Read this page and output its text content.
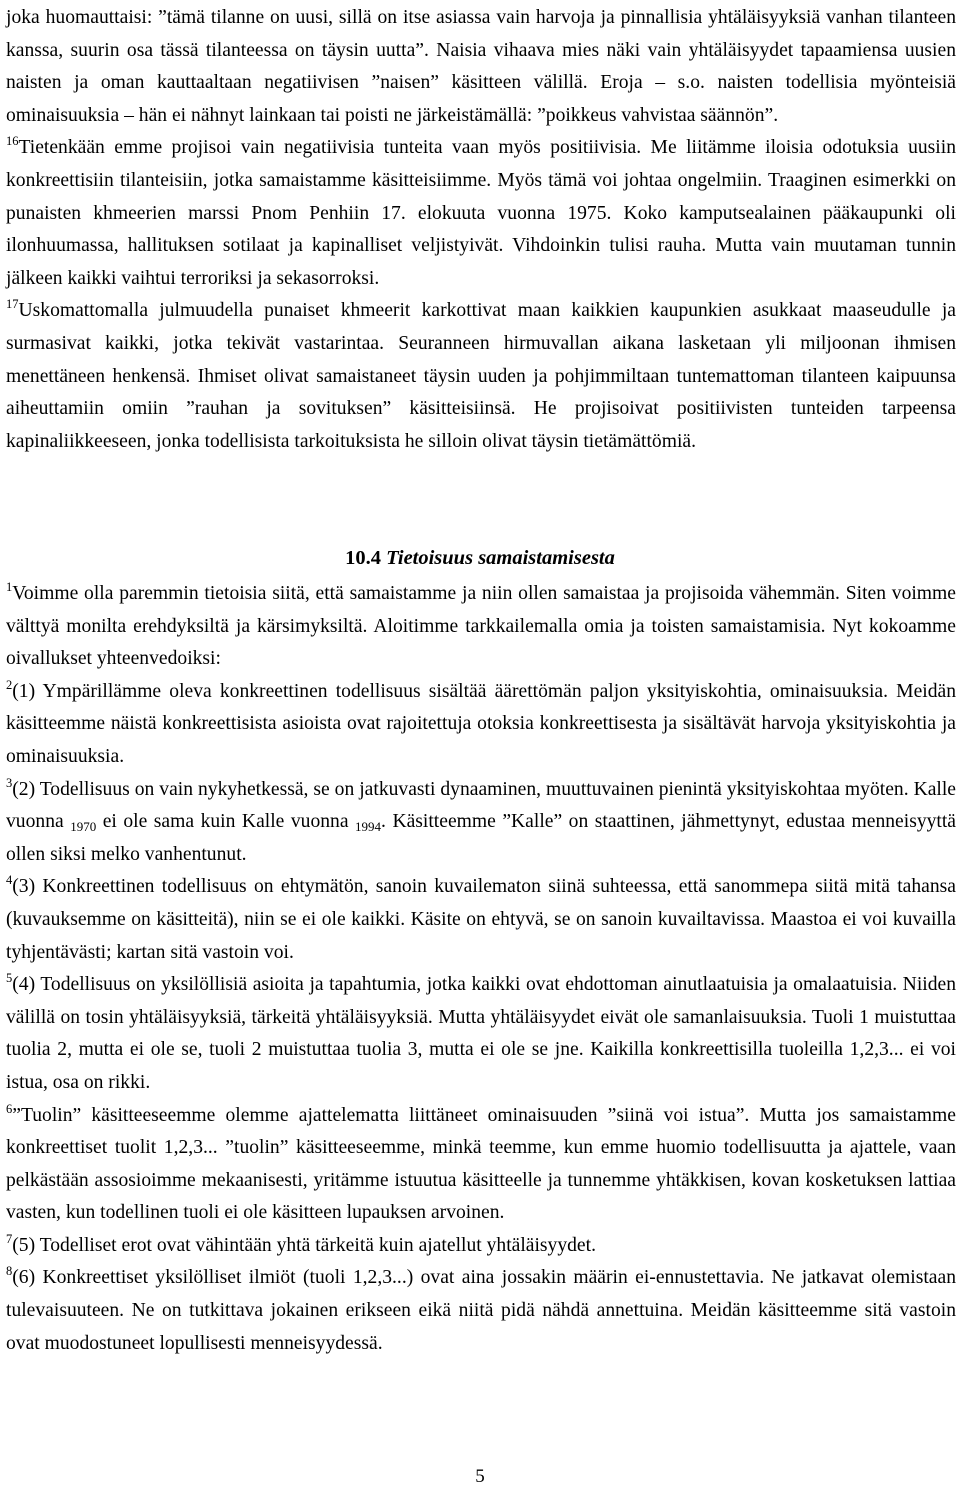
joka huomauttaisi: ”tämä tilanne on uusi, sillä on itse asiassa vain harvoja ja pinnallisia yhtäläisyyksiä vanhan tilanteen kanssa, suurin osa tässä tilanteessa on täysin uutta”. Naisia vihaava mies näki vain yhtäläisyydet tapaamiensa uusien naisten ja oman kauttaaltaan negatiivisen ”naisen” käsitteen välillä. Eroja – s.o. naisten todellisia myönteisiä ominaisuuksia – hän ei nähnyt lainkaan tai poisti ne järkeistämällä: ”poikkeus vahvistaa säännön”.

$^{16}$Tietenkään emme projisoi vain negatiivisia tunteita vaan myös positiivisia. Me liitämme iloisia odotuksia uusiin konkreettisiin tilanteisiin, jotka samaistamme käsitteisiimme. Myös tämä voi johtaa ongelmiin. Traaginen esimerkki on punaisten khmeerien marssi Pnom Penhiin 17. elokuuta vuonna 1975. Koko kamputsealainen pääkaupunki oli ilonhuumassa, hallituksen sotilaat ja kapinalliset veljistyivät. Vihdoinkin tulisi rauha. Mutta vain muutaman tunnin jälkeen kaikki vaihtui terroriksi ja sekasorroksi.

$^{17}$Uskomattomalla julmuudella punaiset khmeerit karkottivat maan kaikkien kaupunkien asukkaat maaseudulle ja surmasivat kaikki, jotka tekivät vastarintaa. Seuranneen hirmuvallan aikana lasketaan yli miljoonan ihmisen menettäneen henkensä. Ihmiset olivat samaistaneet täysin uuden ja pohjimmiltaan tuntemattoman tilanteen kaipuunsa aiheuttamiin omiin ”rauhan ja sovituksen” käsitteisiinsä. He projisoivat positiivisten tunteiden tarpeensa kapinaliikkeeseen, jonka todellisista tarkoituksista he silloin olivat täysin tietämättömiä.

10.4 Tietoisuus samaistamisesta

$^1$Voimme olla paremmin tietoisia siitä, että samaistamme ja niin ollen samaistaa ja projisoida vähemmän. Siten voimme välttyä monilta erehdyksiltä ja kärsimyksiltä. Aloitimme tarkkailemalla omia ja toisten samaistamisia. Nyt kokoamme oivallukset yhteenvedoiksi:

$^2$(1) Ympärillämme oleva konkreettinen todellisuus sisältää äärettömän paljon yksityiskohtia, ominaisuuksia. Meidän käsitteemme näistä konkreettisista asioista ovat rajoitettuja otoksia konkreettisesta ja sisältävät harvoja yksityiskohtia ja ominaisuuksia.

$^3$(2) Todellisuus on vain nykyhetkessä, se on jatkuvasti dynaaminen, muuttuvainen pienintä yksityiskohtaa myöten. Kalle vuonna $_{1970}$ ei ole sama kuin Kalle vuonna $_{1994}$. Käsitteemme ”Kalle” on staattinen, jähmettynyt, edustaa menneisyyttä ollen siksi melko vanhentunut.

$^4$(3) Konkreettinen todellisuus on ehtymätön, sanoin kuvailematon siinä suhteessa, että sanommepa siitä mitä tahansa (kuvauksemme on käsitteitä), niin se ei ole kaikki. Käsite on ehtyvä, se on sanoin kuvailtavissa. Maastoa ei voi kuvailla tyhjentävästi; kartan sitä vastoin voi.

$^5$(4) Todellisuus on yksilöllisiä asioita ja tapahtumia, jotka kaikki ovat ehdottoman ainutlaatuisia ja omalaatuisia. Niiden välillä on tosin yhtäläisyyksiä, tärkeitä yhtäläisyyksiä. Mutta yhtäläisyydet eivät ole samanlaisuuksia. Tuoli 1 muistuttaa tuolia 2, mutta ei ole se, tuoli 2 muistuttaa tuolia 3, mutta ei ole se jne. Kaikilla konkreettisilla tuoleilla 1,2,3... ei voi istua, osa on rikki.

$^6$”Tuolin” käsitteeseemme olemme ajattelematta liittäneet ominaisuuden ”siinä voi istua”. Mutta jos samaistamme konkreettiset tuolit 1,2,3... ”tuolin” käsitteeseemme, minkä teemme, kun emme huomio todellisuutta ja ajattele, vaan pelkästään assosioimme mekaanisesti, yritämme istuutua käsitteelle ja tunnemme yhtäkkisen, kovan kosketuksen lattiaa vasten, kun todellinen tuoli ei ole käsitteen lupauksen arvoinen.

$^7$(5) Todelliset erot ovat vähintään yhtä tärkeitä kuin ajatellut yhtäläisyydet.

$^8$(6) Konkreettiset yksilölliset ilmiöt (tuoli 1,2,3...) ovat aina jossakin määrin ei-ennustettavia. Ne jatkavat olemistaan tulevaisuuteen. Ne on tutkittava jokainen erikseen eikä niitä pidä nähdä annettuina. Meidän käsitteemme sitä vastoin ovat muodostuneet lopullisesti menneisyydessä.

5
